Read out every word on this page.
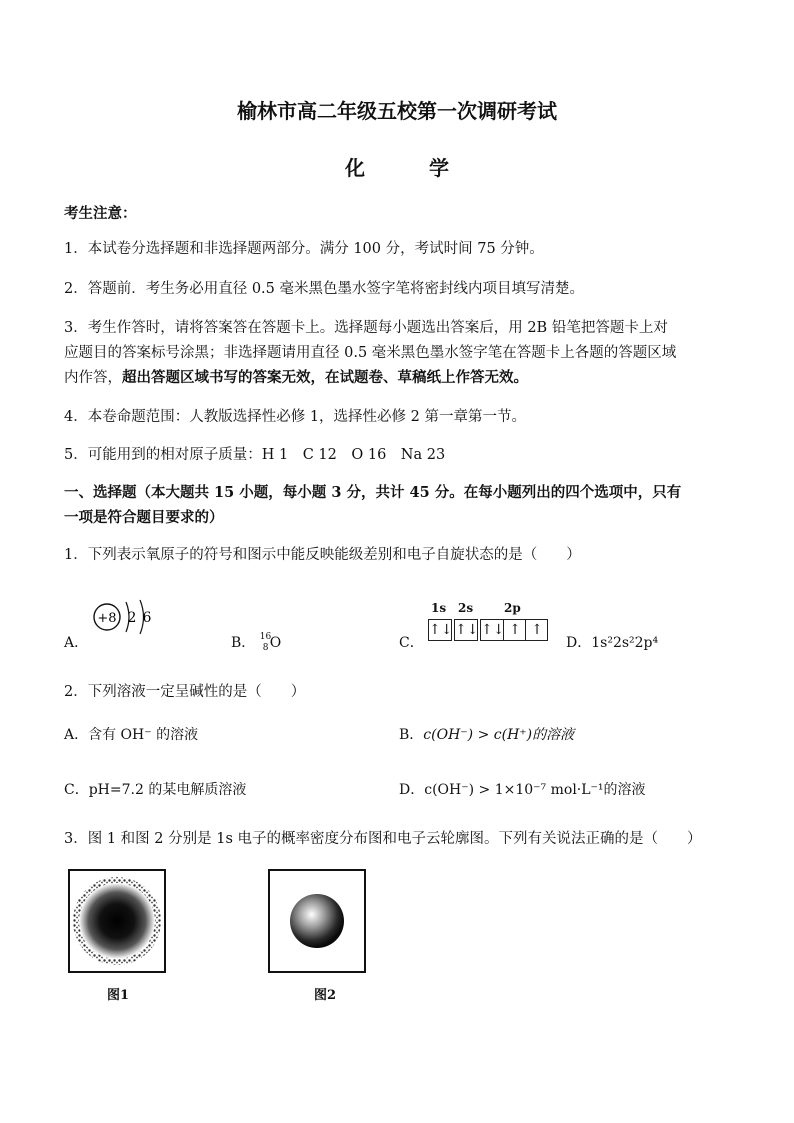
榆林市高二年级五校第一次调研考试
化　学
考生注意：
1．本试卷分选择题和非选择题两部分。满分 100 分，考试时间 75 分钟。
2．答题前．考生务必用直径 0.5 毫米黑色墨水签字笔将密封线内项目填写清楚。
3．考生作答时，请将答案答在答题卡上。选择题每小题选出答案后，用 2B 铅笔把答题卡上对
应题目的答案标号涂黑；非选择题请用直径 0.5 毫米黑色墨水签字笔在答题卡上各题的答题区域
内作答，超出答题区域书写的答案无效，在试题卷、草稿纸上作答无效。
4．本卷命题范围：人教版选择性必修 1，选择性必修 2 第一章第一节。
5．可能用到的相对原子质量：H 1　C 12　O 16　Na 23
一、选择题（本大题共 15 小题，每小题 3 分，共计 45 分。在每小题列出的四个选项中，只有
一项是符合题目要求的）
1．下列表示氧原子的符号和图示中能反映能级差别和电子自旋状态的是（　　）
A．
+8 2 6
B． 16
8 O	C．
1s 2s	2p
↑↓ ↑↓ ↑↓ ↑ ↑
D．1s²2s²2p⁴
2．下列溶液一定呈碱性的是（　　）
A．含有 OH⁻ 的溶液	B．c(OH⁻) > c(H⁺)的溶液
C．pH=7.2 的某电解质溶液	D．c(OH⁻) > 1×10⁻⁷ mol·L⁻¹的溶液
3．图 1 和图 2 分别是 1s 电子的概率密度分布图和电子云轮廓图。下列有关说法正确的是（　　）
图1	图2
